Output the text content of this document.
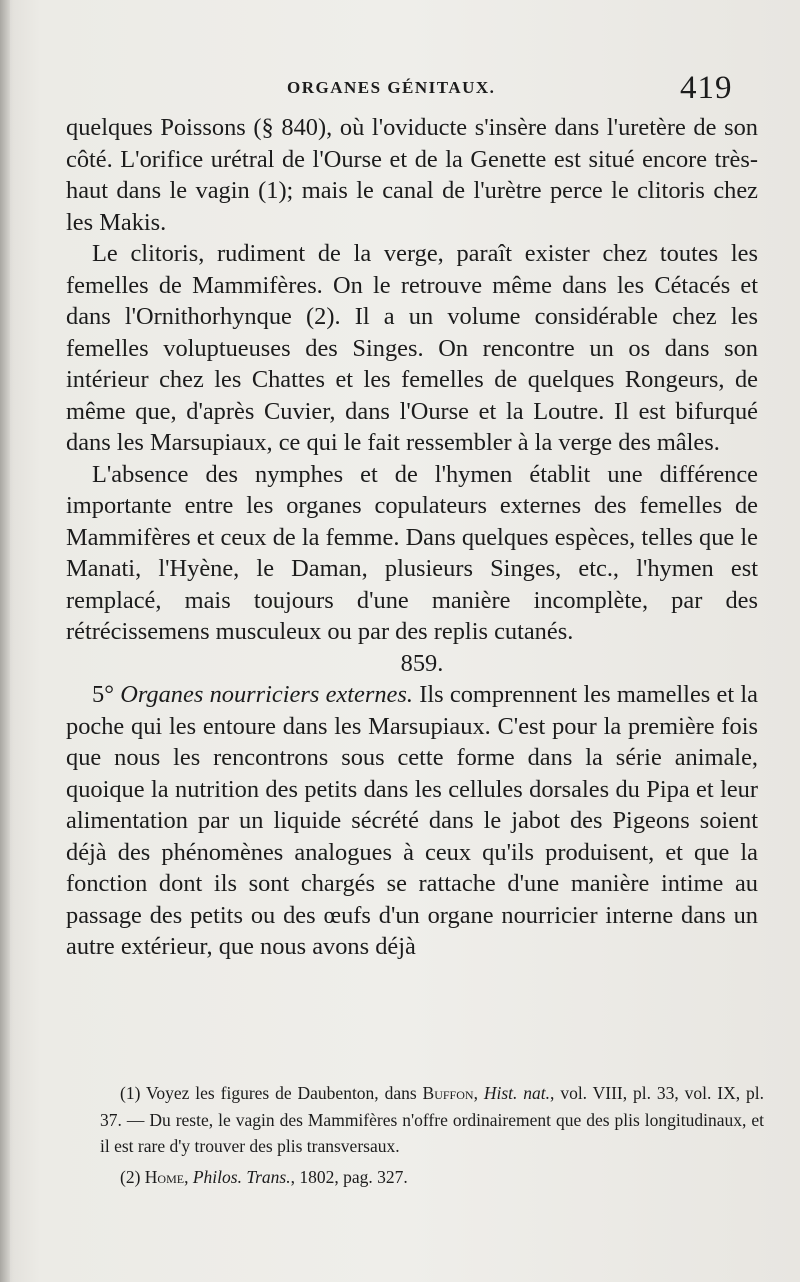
ORGANES GÉNITAUX.	419

quelques Poissons (§ 840), où l'oviducte s'insère dans l'uretère de son côté. L'orifice urétral de l'Ourse et de la Genette est situé encore très-haut dans le vagin (1); mais le canal de l'urètre perce le clitoris chez les Makis.

Le clitoris, rudiment de la verge, paraît exister chez toutes les femelles de Mammifères. On le retrouve même dans les Cétacés et dans l'Ornithorhynque (2). Il a un volume considérable chez les femelles voluptueuses des Singes. On rencontre un os dans son intérieur chez les Chattes et les femelles de quelques Rongeurs, de même que, d'après Cuvier, dans l'Ourse et la Loutre. Il est bifurqué dans les Marsupiaux, ce qui le fait ressembler à la verge des mâles.

L'absence des nymphes et de l'hymen établit une différence importante entre les organes copulateurs externes des femelles de Mammifères et ceux de la femme. Dans quelques espèces, telles que le Manati, l'Hyène, le Daman, plusieurs Singes, etc., l'hymen est remplacé, mais toujours d'une manière incomplète, par des rétrécissemens musculeux ou par des replis cutanés.

859.

5° Organes nourriciers externes. Ils comprennent les mamelles et la poche qui les entoure dans les Marsupiaux. C'est pour la première fois que nous les rencontrons sous cette forme dans la série animale, quoique la nutrition des petits dans les cellules dorsales du Pipa et leur alimentation par un liquide sécrété dans le jabot des Pigeons soient déjà des phénomènes analogues à ceux qu'ils produisent, et que la fonction dont ils sont chargés se rattache d'une manière intime au passage des petits ou des œufs d'un organe nourricier interne dans un autre extérieur, que nous avons déjà

(1) Voyez les figures de Daubenton, dans Buffon, Hist. nat., vol. VIII, pl. 33, vol. IX, pl. 37. — Du reste, le vagin des Mammifères n'offre ordinairement que des plis longitudinaux, et il est rare d'y trouver des plis transversaux.

(2) Home, Philos. Trans., 1802, pag. 327.
